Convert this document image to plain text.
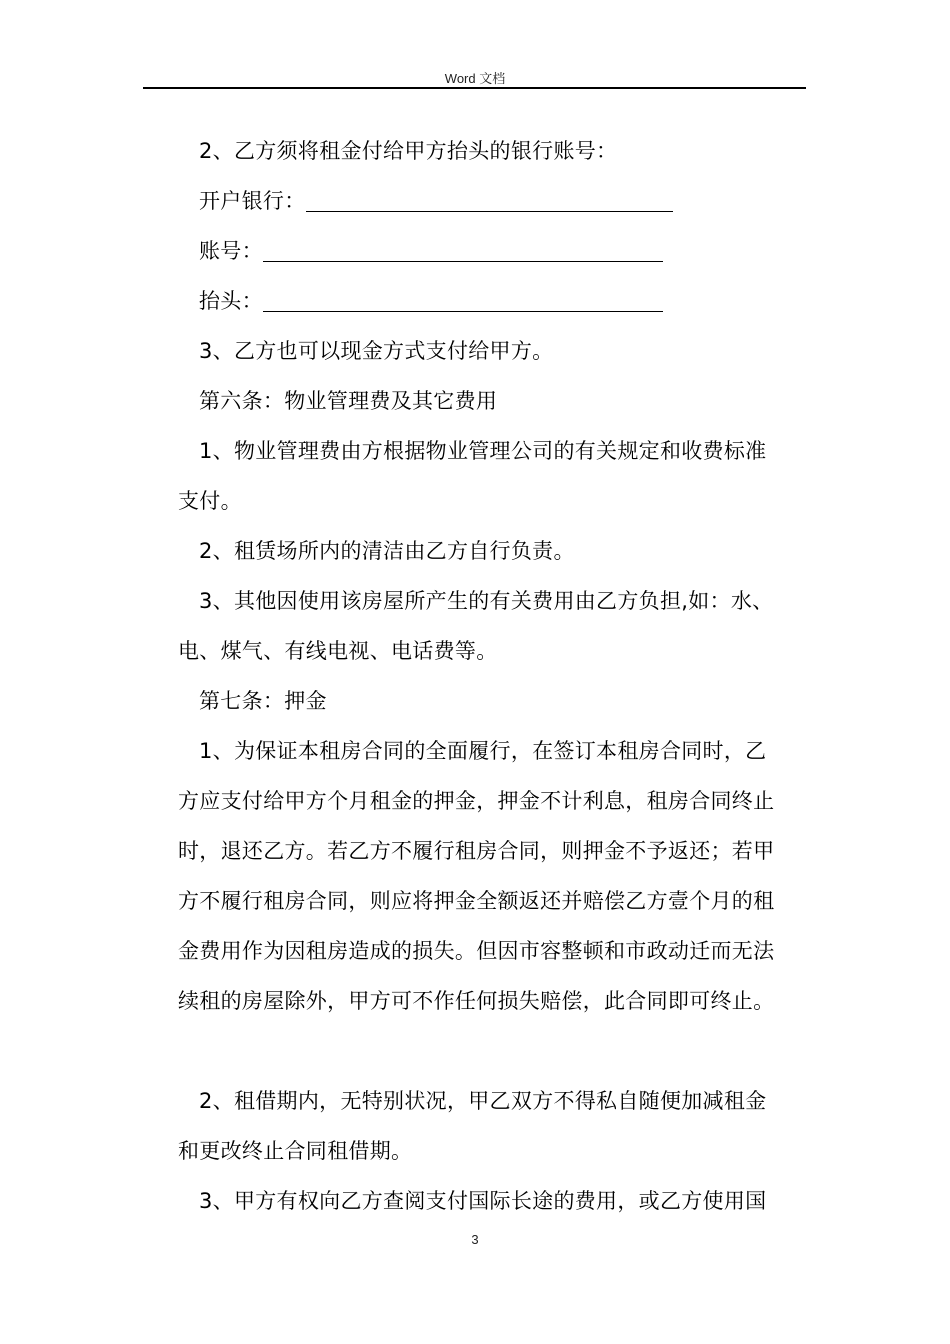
Word 文档

2、乙方须将租金付给甲方抬头的银行账号：

开户银行：

账号：

抬头：

3、乙方也可以现金方式支付给甲方。

第六条：物业管理费及其它费用

1、物业管理费由方根据物业管理公司的有关规定和收费标准

支付。

2、租赁场所内的清洁由乙方自行负责。

3、其他因使用该房屋所产生的有关费用由乙方负担,如：水、

电、煤气、有线电视、电话费等。

第七条：押金

1、为保证本租房合同的全面履行，在签订本租房合同时，乙

方应支付给甲方个月租金的押金，押金不计利息，租房合同终止

时，退还乙方。若乙方不履行租房合同，则押金不予返还；若甲

方不履行租房合同，则应将押金全额返还并赔偿乙方壹个月的租

金费用作为因租房造成的损失。但因市容整顿和市政动迁而无法

续租的房屋除外，甲方可不作任何损失赔偿，此合同即可终止。

2、租借期内，无特别状况，甲乙双方不得私自随便加减租金

和更改终止合同租借期。

3、甲方有权向乙方查阅支付国际长途的费用，或乙方使用国

3
